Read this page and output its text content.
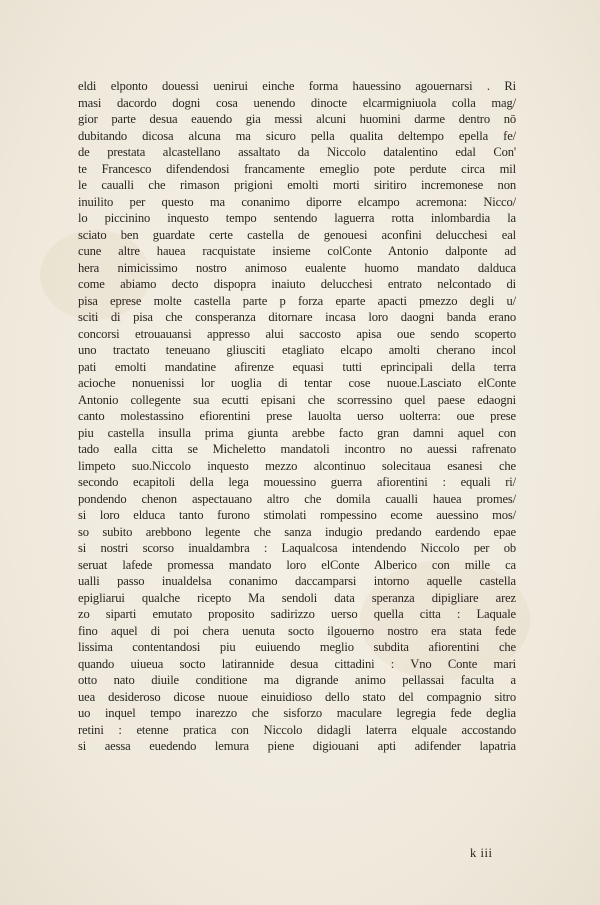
eldi elponto douessi uenirui einche forma hauessino agouernarsi . Ri
masi dacordo dogni cosa uenendo dinocte elcarmigniuola colla mag/
gior parte desua eauendo gia messi alcuni huomini darme dentro nō
dubitando dicosa alcuna ma sicuro pella qualita deltempo epella fe/
de prestata alcastellano assaltato da Niccolo datalentino edal Con'
te Francesco difendendosi francamente emeglio pote perdute circa mil
le caualli che rimason prigioni emolti morti siritiro incremonese non
inuilito per questo ma conanimo diporre elcampo acremona: Nicco/
lo piccinino inquesto tempo sentendo laguerra rotta inlombardia la
sciato ben guardate certe castella de genouesi aconfini delucchesi eal
cune altre hauea racquistate insieme colConte Antonio dalponte ad
hera nimicissimo nostro animoso eualente huomo mandato dalduca
come abiamo decto dispopra inaiuto delucchesi entrato nelcontado di
pisa eprese molte castella parte p forza eparte apacti pmezzo degli u/
sciti di pisa che consperanza ditornare incasa loro daogni banda erano
concorsi etrouauansi appresso alui saccosto apisa oue sendo scoperto
uno tractato teneuano gliusciti etagliato elcapo amolti cherano incol
pati emolti mandatine afirenze equasi tutti eprincipali della terra
acioche nonuenissi lor uoglia di tentar cose nuoue.Lasciato elConte
Antonio collegente sua ecutti episani che scorressino quel paese edaogni
canto molestassino efiorentini prese lauolta uerso uolterra: oue prese
piu castella insulla prima giunta arebbe facto gran damni aquel con
tado ealla citta se Micheletto mandatoli incontro no auessi rafrenato
limpeto suo.Niccolo inquesto mezzo alcontinuo solecitaua esanesi che
secondo ecapitoli della lega mouessino guerra afiorentini : equali ri/
pondendo chenon aspectauano altro che domila caualli hauea promes/
si loro elduca tanto furono stimolati rompessino ecome auessino mos/
so subito arebbono legente che sanza indugio predando eardendo epae
si nostri scorso inualdambra : Laqualcosa intendendo Niccolo per ob
seruat lafede promessa mandato loro elConte Alberico con mille ca
ualli passo inualdelsa conanimo daccamparsi intorno aquelle castella
epigliarui qualche ricepto Ma sendoli data speranza dipigliare arez
zo siparti emutato proposito sadirizzo uerso quella citta : Laquale
fino aquel di poi chera uenuta socto ilgouerno nostro era stata fede
lissima contentandosi piu euiuendo meglio subdita afiorentini che
quando uiueua socto latirannide desua cittadini : Vno Conte mari
otto nato diuile conditione ma digrande animo pellassai faculta a
uea desideroso dicose nuoue einuidioso dello stato del compagnio sitro
uo inquel tempo inarezzo che sisforzo maculare legregia fede deglia
retini : etenne pratica con Niccolo didagli laterra elquale accostando
si aessa euedendo lemura piene digiouani apti adifender lapatria
k iii
